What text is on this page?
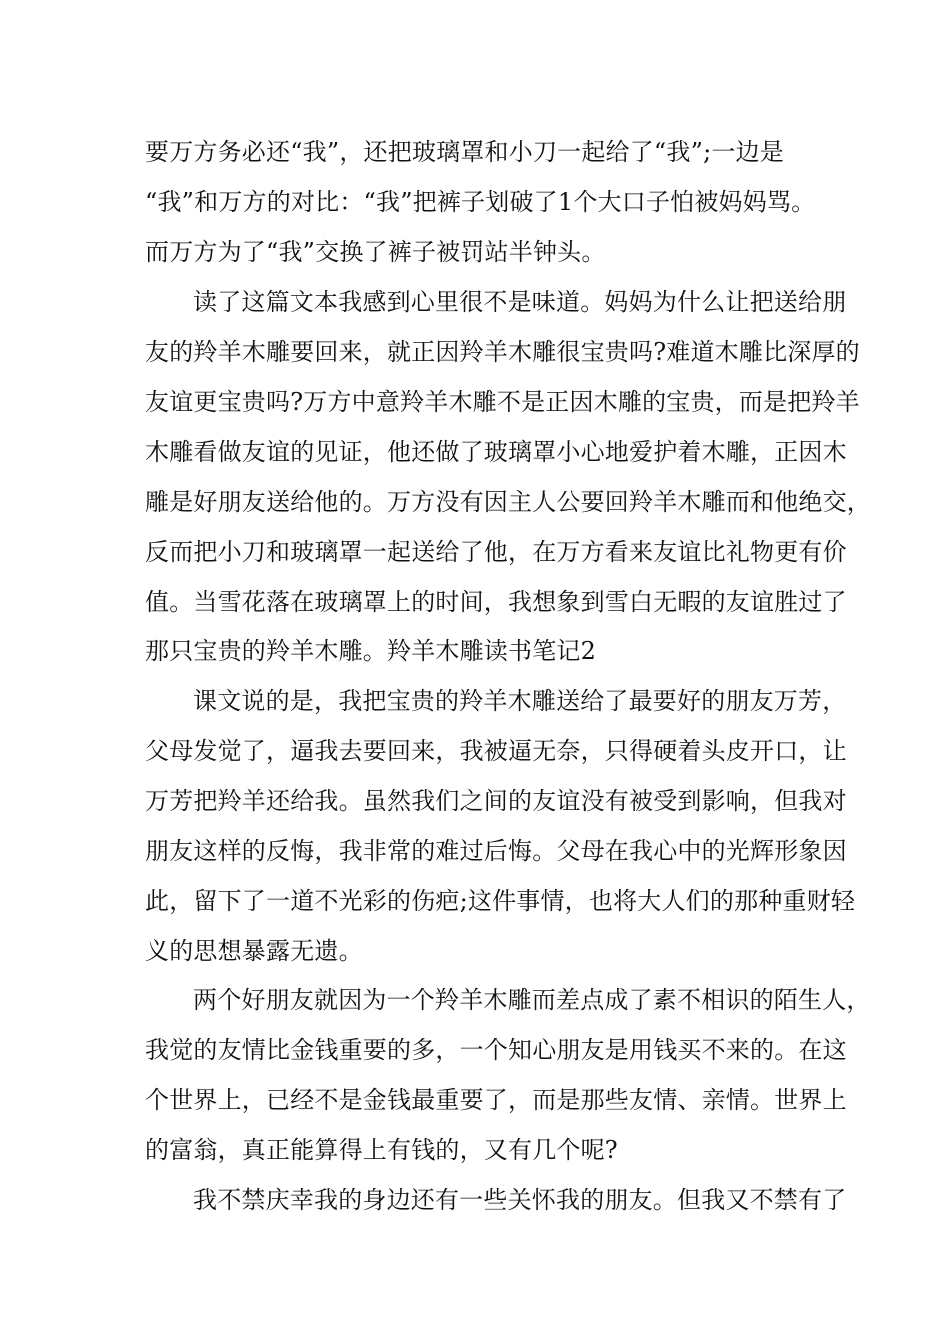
要万方务必还“我”，还把玻璃罩和小刀一起给了“我”;一边是
“我”和万方的对比：“我”把裤子划破了1个大口子怕被妈妈骂。
而万方为了“我”交换了裤子被罚站半钟头。
读了这篇文本我感到心里很不是味道。妈妈为什么让把送给朋
友的羚羊木雕要回来，就正因羚羊木雕很宝贵吗?难道木雕比深厚的
友谊更宝贵吗?万方中意羚羊木雕不是正因木雕的宝贵，而是把羚羊
木雕看做友谊的见证，他还做了玻璃罩小心地爱护着木雕，正因木
雕是好朋友送给他的。万方没有因主人公要回羚羊木雕而和他绝交，
反而把小刀和玻璃罩一起送给了他，在万方看来友谊比礼物更有价
值。当雪花落在玻璃罩上的时间，我想象到雪白无暇的友谊胜过了
那只宝贵的羚羊木雕。羚羊木雕读书笔记2
课文说的是，我把宝贵的羚羊木雕送给了最要好的朋友万芳，
父母发觉了，逼我去要回来，我被逼无奈，只得硬着头皮开口，让
万芳把羚羊还给我。虽然我们之间的友谊没有被受到影响，但我对
朋友这样的反悔，我非常的难过后悔。父母在我心中的光辉形象因
此，留下了一道不光彩的伤疤;这件事情，也将大人们的那种重财轻
义的思想暴露无遗。
两个好朋友就因为一个羚羊木雕而差点成了素不相识的陌生人，
我觉的友情比金钱重要的多，一个知心朋友是用钱买不来的。在这
个世界上，已经不是金钱最重要了，而是那些友情、亲情。世界上
的富翁，真正能算得上有钱的，又有几个呢?
我不禁庆幸我的身边还有一些关怀我的朋友。但我又不禁有了
